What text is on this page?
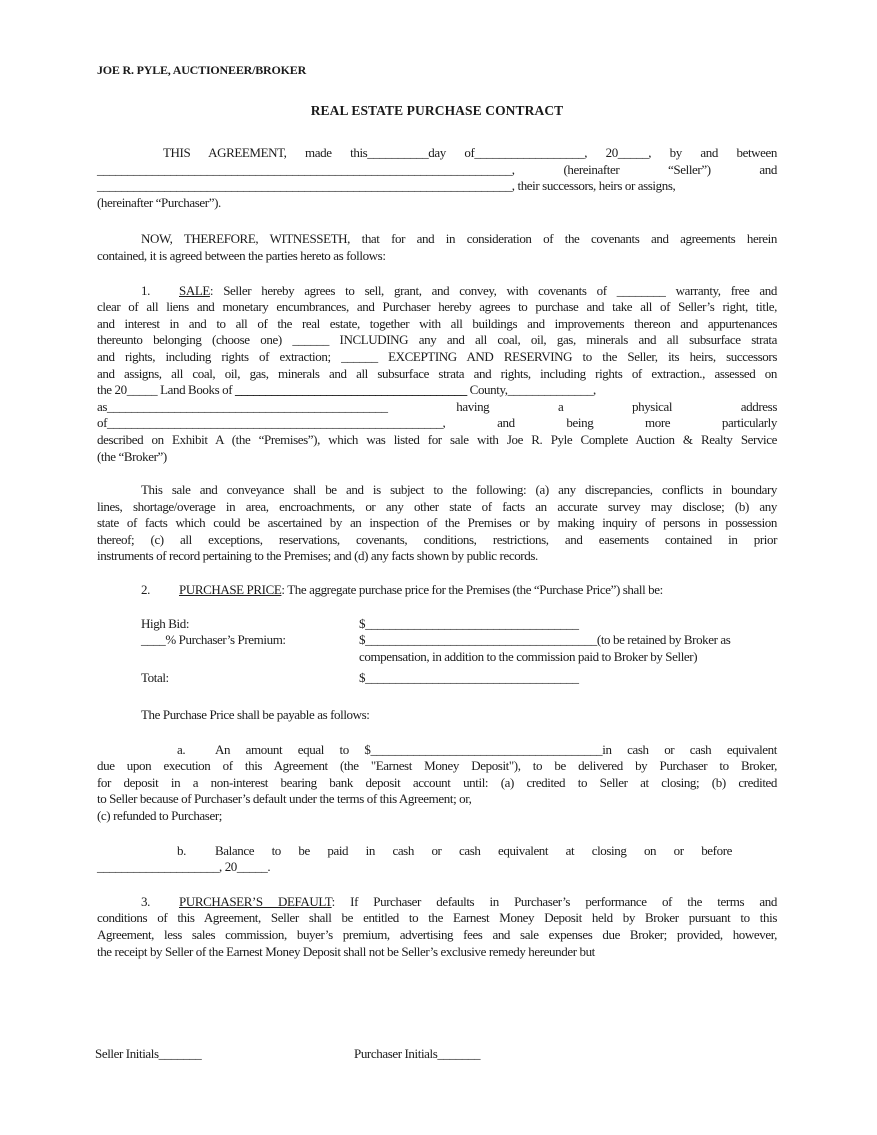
JOE R. PYLE, AUCTIONEER/BROKER
REAL ESTATE PURCHASE CONTRACT
THIS AGREEMENT, made this__________day of__________________, 20_____, by and between
____________________________________________________________________, (hereinafter “Seller”) and
____________________________________________________________________, their successors, heirs or assigns,
(hereinafter “Purchaser”).
NOW, THEREFORE, WITNESSETH, that for and in consideration of the covenants and agreements herein
contained, it is agreed between the parties hereto as follows:
1. SALE: Seller hereby agrees to sell, grant, and convey, with covenants of ________ warranty, free and
clear of all liens and monetary encumbrances, and Purchaser hereby agrees to purchase and take all of Seller’s right, title,
and interest in and to all of the real estate, together with all buildings and improvements thereon and appurtenances
thereunto belonging (choose one) ______ INCLUDING any and all coal, oil, gas, minerals and all subsurface strata
and rights, including rights of extraction; ______ EXCEPTING AND RESERVING to the Seller, its heirs, successors
and assigns, all coal, oil, gas, minerals and all subsurface strata and rights, including rights of extraction., assessed on
the 20_____ Land Books of ______________________________________ County,______________,
as______________________________________________ having a physical address
of_______________________________________________________, and being more particularly
described on Exhibit A (the “Premises”), which was listed for sale with Joe R. Pyle Complete Auction & Realty Service
(the “Broker”)
This sale and conveyance shall be and is subject to the following: (a) any discrepancies, conflicts in boundary
lines, shortage/overage in area, encroachments, or any other state of facts an accurate survey may disclose; (b) any
state of facts which could be ascertained by an inspection of the Premises or by making inquiry of persons in possession
thereof; (c) all exceptions, reservations, covenants, conditions, restrictions, and easements contained in prior
instruments of record pertaining to the Premises; and (d) any facts shown by public records.
2. PURCHASE PRICE: The aggregate purchase price for the Premises (the “Purchase Price”) shall be:
High Bid:	$___________________________________
____% Purchaser’s Premium:	$______________________________________(to be retained by Broker as
compensation, in addition to the commission paid to Broker by Seller)
Total:	$___________________________________
The Purchase Price shall be payable as follows:
a. An amount equal to $______________________________________in cash or cash equivalent
due upon execution of this Agreement (the "Earnest Money Deposit"), to be delivered by Purchaser to Broker,
for deposit in a non-interest bearing bank deposit account until: (a) credited to Seller at closing; (b) credited
to Seller because of Purchaser’s default under the terms of this Agreement; or,
(c) refunded to Purchaser;
b. Balance to be paid in cash or cash equivalent at closing on or before
____________________, 20_____.
3. PURCHASER’S DEFAULT: If Purchaser defaults in Purchaser’s performance of the terms and
conditions of this Agreement, Seller shall be entitled to the Earnest Money Deposit held by Broker pursuant to this
Agreement, less sales commission, buyer’s premium, advertising fees and sale expenses due Broker; provided, however,
the receipt by Seller of the Earnest Money Deposit shall not be Seller’s exclusive remedy hereunder but
Seller Initials_______	Purchaser Initials_______
